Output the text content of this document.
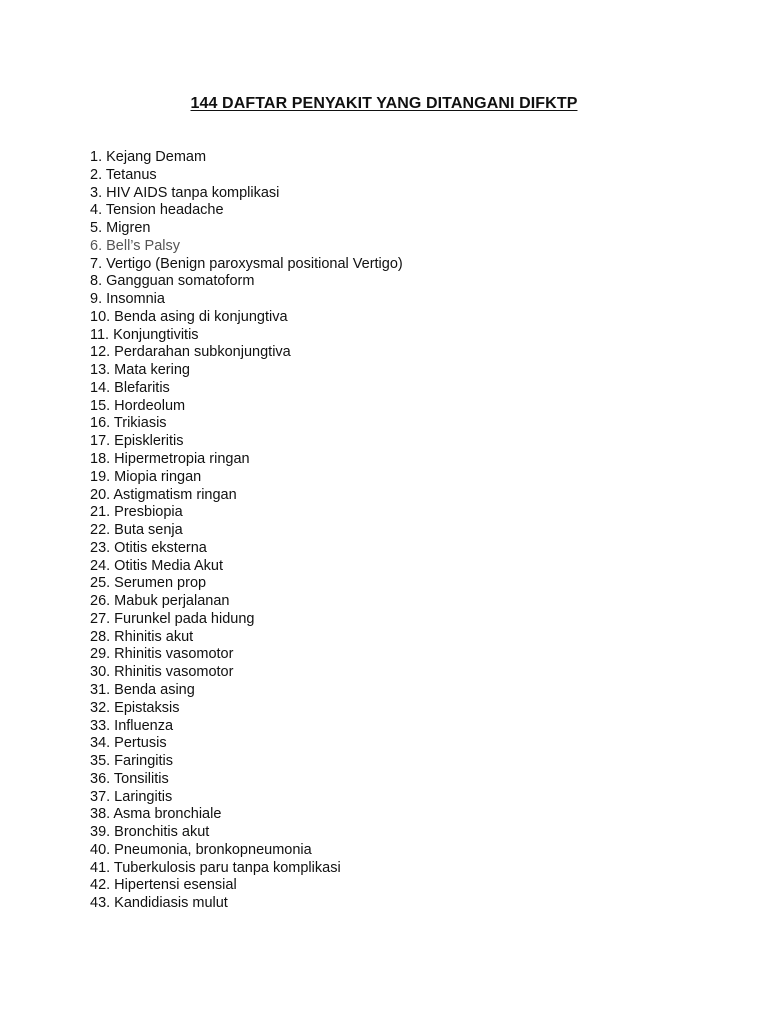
144 DAFTAR PENYAKIT YANG DITANGANI DIFKTP
1. Kejang Demam
2. Tetanus
3. HIV AIDS tanpa komplikasi
4. Tension headache
5. Migren
6. Bell’s Palsy
7. Vertigo (Benign paroxysmal positional Vertigo)
8. Gangguan somatoform
9. Insomnia
10. Benda asing di konjungtiva
11. Konjungtivitis
12. Perdarahan subkonjungtiva
13. Mata kering
14. Blefaritis
15. Hordeolum
16. Trikiasis
17. Episkleritis
18. Hipermetropia ringan
19. Miopia ringan
20. Astigmatism ringan
21. Presbiopia
22. Buta senja
23. Otitis eksterna
24. Otitis Media Akut
25. Serumen prop
26. Mabuk perjalanan
27. Furunkel pada hidung
28. Rhinitis akut
29. Rhinitis vasomotor
30. Rhinitis vasomotor
31. Benda asing
32. Epistaksis
33. Influenza
34. Pertusis
35. Faringitis
36. Tonsilitis
37. Laringitis
38. Asma bronchiale
39. Bronchitis akut
40. Pneumonia, bronkopneumonia
41. Tuberkulosis paru tanpa komplikasi
42. Hipertensi esensial
43. Kandidiasis mulut
